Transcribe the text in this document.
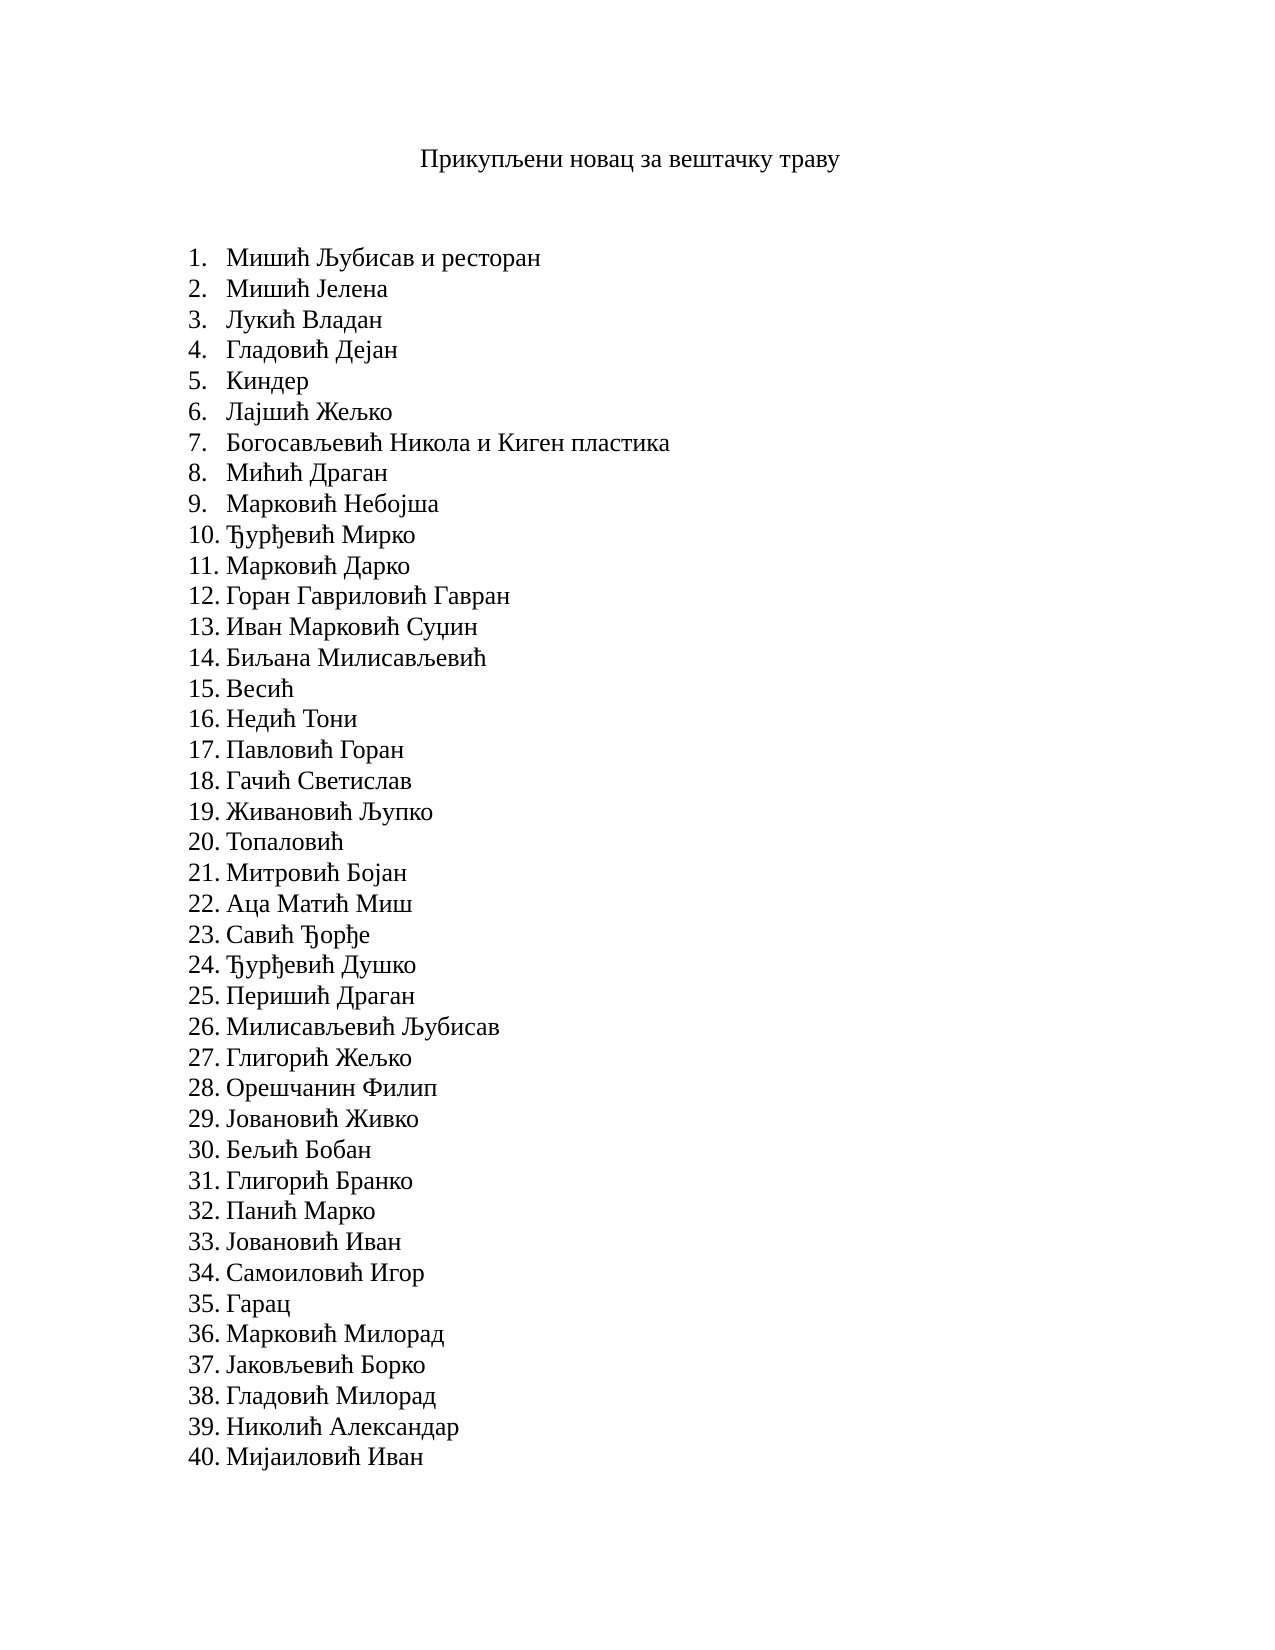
Прикупљени новац за вештачку траву
1. Мишић Љубисав и ресторан
2. Мишић Јелена
3. Лукић Владан
4. Гладовић Дејан
5. Киндер
6. Лајшић Жељко
7. Богосављевић Никола и Киген пластика
8. Мићић Драган
9. Марковић Небојша
10. Ђурђевић Мирко
11. Марковић Дарко
12. Горан Гавриловић Гавран
13. Иван Марковић Суџин
14. Биљана Милисављевић
15. Весић
16. Недић Тони
17. Павловић Горан
18. Гачић Светислав
19. Живановић Љупко
20. Топаловић
21. Митровић Бојан
22. Аца Матић Миш
23. Савић Ђорђе
24. Ђурђевић Душко
25. Перишић Драган
26. Милисављевић Љубисав
27. Глигорић Жељко
28. Орешчанин Филип
29. Јовановић Живко
30. Бељић Бобан
31. Глигорић Бранко
32. Панић Марко
33. Јовановић Иван
34. Самоиловић Игор
35. Гарац
36. Марковић Милорад
37. Јаковљевић Борко
38. Гладовић Милорад
39. Николић Александар
40. Мијаиловић Иван
